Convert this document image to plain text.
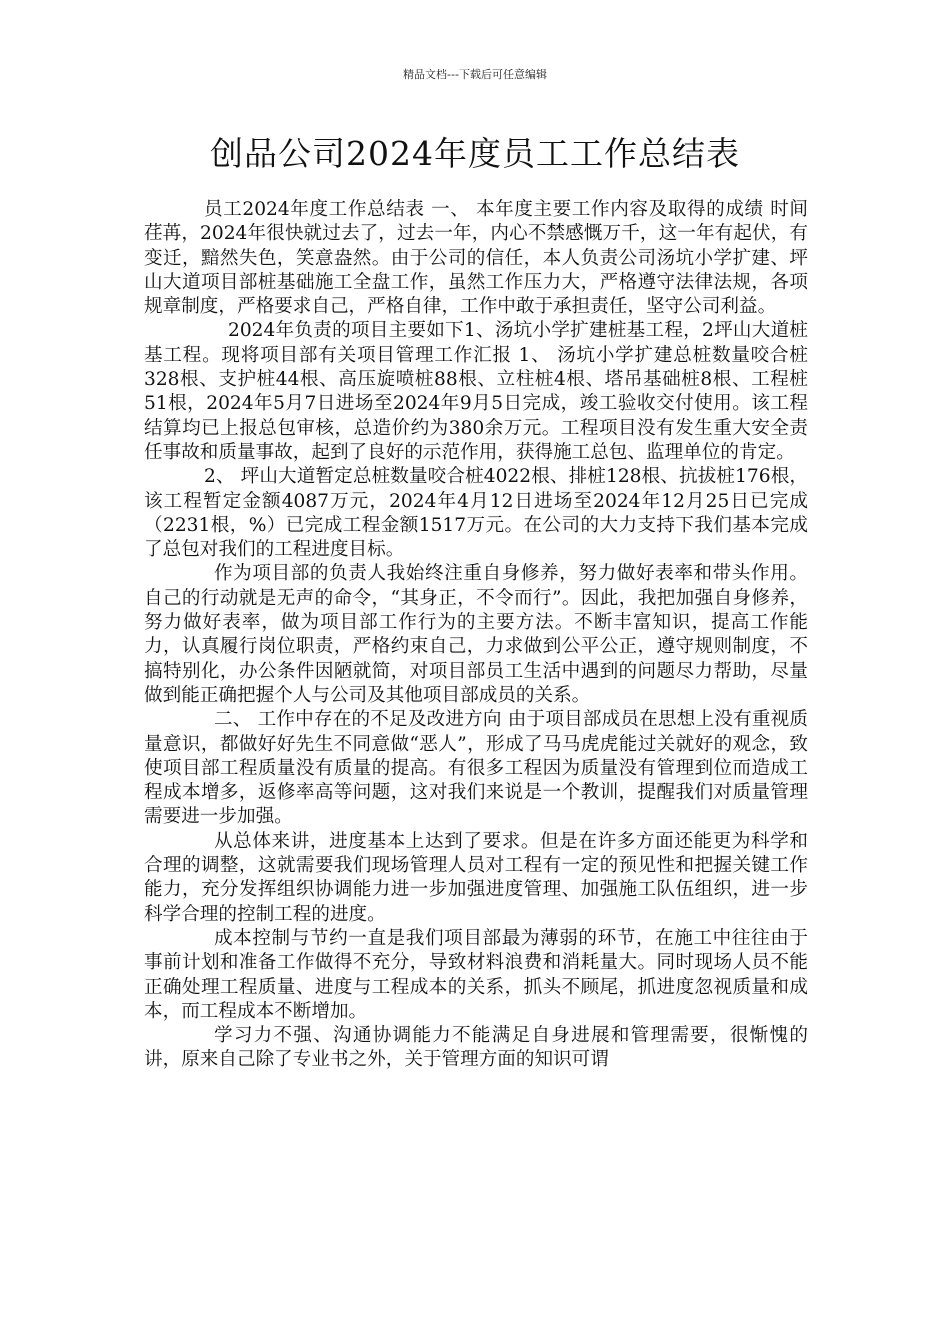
精品文档---下载后可任意编辑
创品公司2024年度员工工作总结表

员工2024年度工作总结表 一、 本年度主要工作内容及取得的成绩 时间荏苒，2024年很快就过去了，过去一年，内心不禁感慨万千，这一年有起伏，有变迁，黯然失色，笑意盎然。由于公司的信任，本人负责公司汤坑小学扩建、坪山大道项目部桩基础施工全盘工作，虽然工作压力大，严格遵守法律法规，各项规章制度，严格要求自己，严格自律，工作中敢于承担责任，坚守公司利益。

2024年负责的项目主要如下1、汤坑小学扩建桩基工程，2坪山大道桩基工程。现将项目部有关项目管理工作汇报 1、 汤坑小学扩建总桩数量咬合桩328根、支护桩44根、高压旋喷桩88根、立柱桩4根、塔吊基础桩8根、工程桩51根，2024年5月7日进场至2024年9月5日完成，竣工验收交付使用。该工程结算均已上报总包审核，总造价约为380余万元。工程项目没有发生重大安全责任事故和质量事故，起到了良好的示范作用，获得施工总包、监理单位的肯定。

2、 坪山大道暂定总桩数量咬合桩4022根、排桩128根、抗拔桩176根，该工程暂定金额4087万元，2024年4月12日进场至2024年12月25日已完成（2231根，%）已完成工程金额1517万元。在公司的大力支持下我们基本完成了总包对我们的工程进度目标。

作为项目部的负责人我始终注重自身修养，努力做好表率和带头作用。自己的行动就是无声的命令，“其身正，不令而行”。因此，我把加强自身修养，努力做好表率，做为项目部工作行为的主要方法。不断丰富知识，提高工作能力，认真履行岗位职责，严格约束自己，力求做到公平公正，遵守规则制度，不搞特别化，办公条件因陋就简，对项目部员工生活中遇到的问题尽力帮助，尽量做到能正确把握个人与公司及其他项目部成员的关系。

二、 工作中存在的不足及改进方向 由于项目部成员在思想上没有重视质量意识，都做好好先生不同意做“恶人”，形成了马马虎虎能过关就好的观念，致使项目部工程质量没有质量的提高。有很多工程因为质量没有管理到位而造成工程成本增多，返修率高等问题，这对我们来说是一个教训，提醒我们对质量管理需要进一步加强。

从总体来讲，进度基本上达到了要求。但是在许多方面还能更为科学和合理的调整，这就需要我们现场管理人员对工程有一定的预见性和把握关键工作能力，充分发挥组织协调能力进一步加强进度管理、加强施工队伍组织，进一步科学合理的控制工程的进度。

成本控制与节约一直是我们项目部最为薄弱的环节，在施工中往往由于事前计划和准备工作做得不充分，导致材料浪费和消耗量大。同时现场人员不能正确处理工程质量、进度与工程成本的关系，抓头不顾尾，抓进度忽视质量和成本，而工程成本不断增加。

学习力不强、沟通协调能力不能满足自身进展和管理需要，很惭愧的讲，原来自己除了专业书之外，关于管理方面的知识可谓
